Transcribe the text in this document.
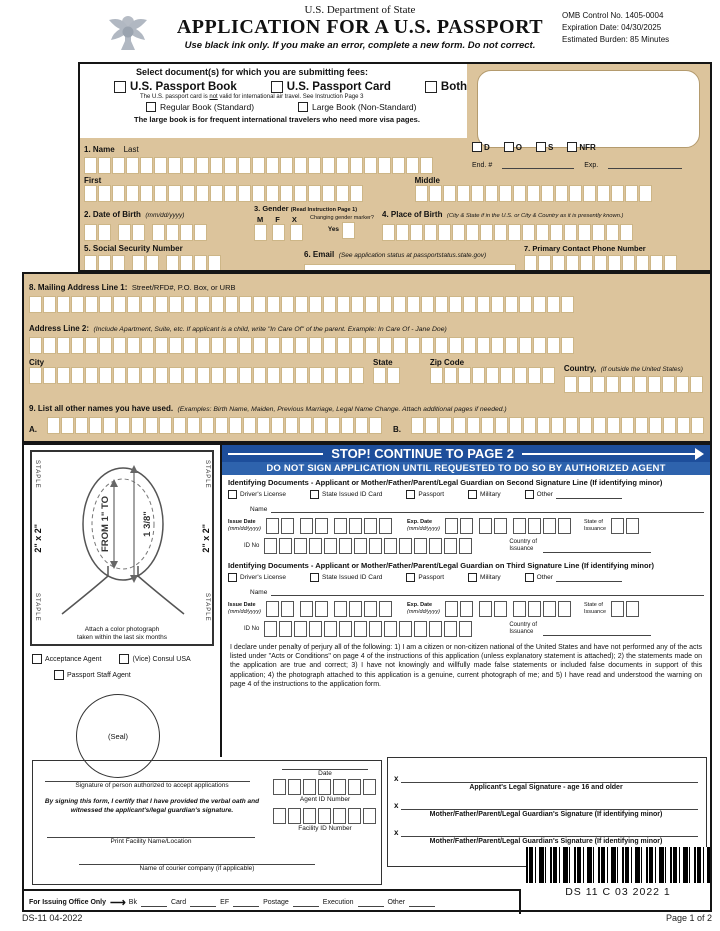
U.S. Department of State
APPLICATION FOR A U.S. PASSPORT
Use black ink only. If you make an error, complete a new form. Do not correct.
OMB Control No. 1405-0004
Expiration Date: 04/30/2025
Estimated Burden: 85 Minutes
Select document(s) for which you are submitting fees:
U.S. Passport Book	U.S. Passport Card	Both
The U.S. passport card is not valid for international air travel. See Instruction Page 3
Regular Book (Standard)	Large Book (Non-Standard)
The large book is for frequent international travelers who need more visa pages.
1. Name Last	D	O	S	NFR
End. #	Exp.
First	Middle
2. Date of Birth (mm/dd/yyyy)
3. Gender (Read Instruction Page 1)
M F X Changing gender marker?
Yes
4. Place of Birth (City & State if in the U.S. or City & Country as it is presently known.)
5. Social Security Number
6. Email (See application status at passportstatus.state.gov)
7. Primary Contact Phone Number
8. Mailing Address Line 1: Street/RFD#, P.O. Box, or URB
Address Line 2: (Include Apartment, Suite, etc. If applicant is a child, write "In Care Of" of the parent. Example: In Care Of - Jane Doe)
City	State	Zip Code
Country, (If outside the United States)
9. List all other names you have used. (Examples: Birth Name, Maiden, Previous Marriage, Legal Name Change. Attach additional pages if needed.)
A.	B.
STAPLE
STAPLE
STAPLE
STAPLE
2" x 2"	2" x 2"
FROM 1" TO	1 3/8"
Attach a color photograph
taken within the last six months
Acceptance Agent	(Vice) Consul USA
Passport Staff Agent
(Seal)
STOP! CONTINUE TO PAGE 2
DO NOT SIGN APPLICATION UNTIL REQUESTED TO DO SO BY AUTHORIZED AGENT
Identifying Documents - Applicant or Mother/Father/Parent/Legal Guardian on Second Signature Line (If identifying minor)
Driver's License	State Issued ID Card	Passport	Military	Other
Name
Issue Date
(mm/dd/yyyy)
Exp. Date
(mm/dd/yyyy)
State of
Issuance
ID No
Country of
Issuance
Identifying Documents - Applicant or Mother/Father/Parent/Legal Guardian on Third Signature Line (If identifying minor)
Driver's License	State Issued ID Card	Passport	Military	Other
Name
Issue Date
(mm/dd/yyyy)
Exp. Date
(mm/dd/yyyy)
State of
Issuance
ID No
Country of
Issuance
I declare under penalty of perjury all of the following: 1) I am a citizen or non-citizen national of the United States and have not performed any of the acts listed under "Acts or Conditions" on page 4 of the instructions of this application (unless explanatory statement is attached); 2) the statements made on the application are true and correct; 3) I have not knowingly and willfully made false statements or included false documents in support of this application; 4) the photograph attached to this application is a genuine, current photograph of me; and 5) I have read and understood the warning on page 4 of the instructions to the application form.
Signature of person authorized to accept applications
By signing this form, I certify that I have provided the verbal oath and witnessed the applicant's/legal guardian's signature.
Print Facility Name/Location
Date
Agent ID Number
Facility ID Number
Name of courier company (if applicable)
x
Applicant's Legal Signature - age 16 and older
x
Mother/Father/Parent/Legal Guardian's Signature (If identifying minor)
x
Mother/Father/Parent/Legal Guardian's Signature (If identifying minor)
For Issuing Office Only ⟶ Bk	Card	EF	Postage	Execution	Other
DS 11 C 03 2022 1
DS-11 04-2022	Page 1 of 2
